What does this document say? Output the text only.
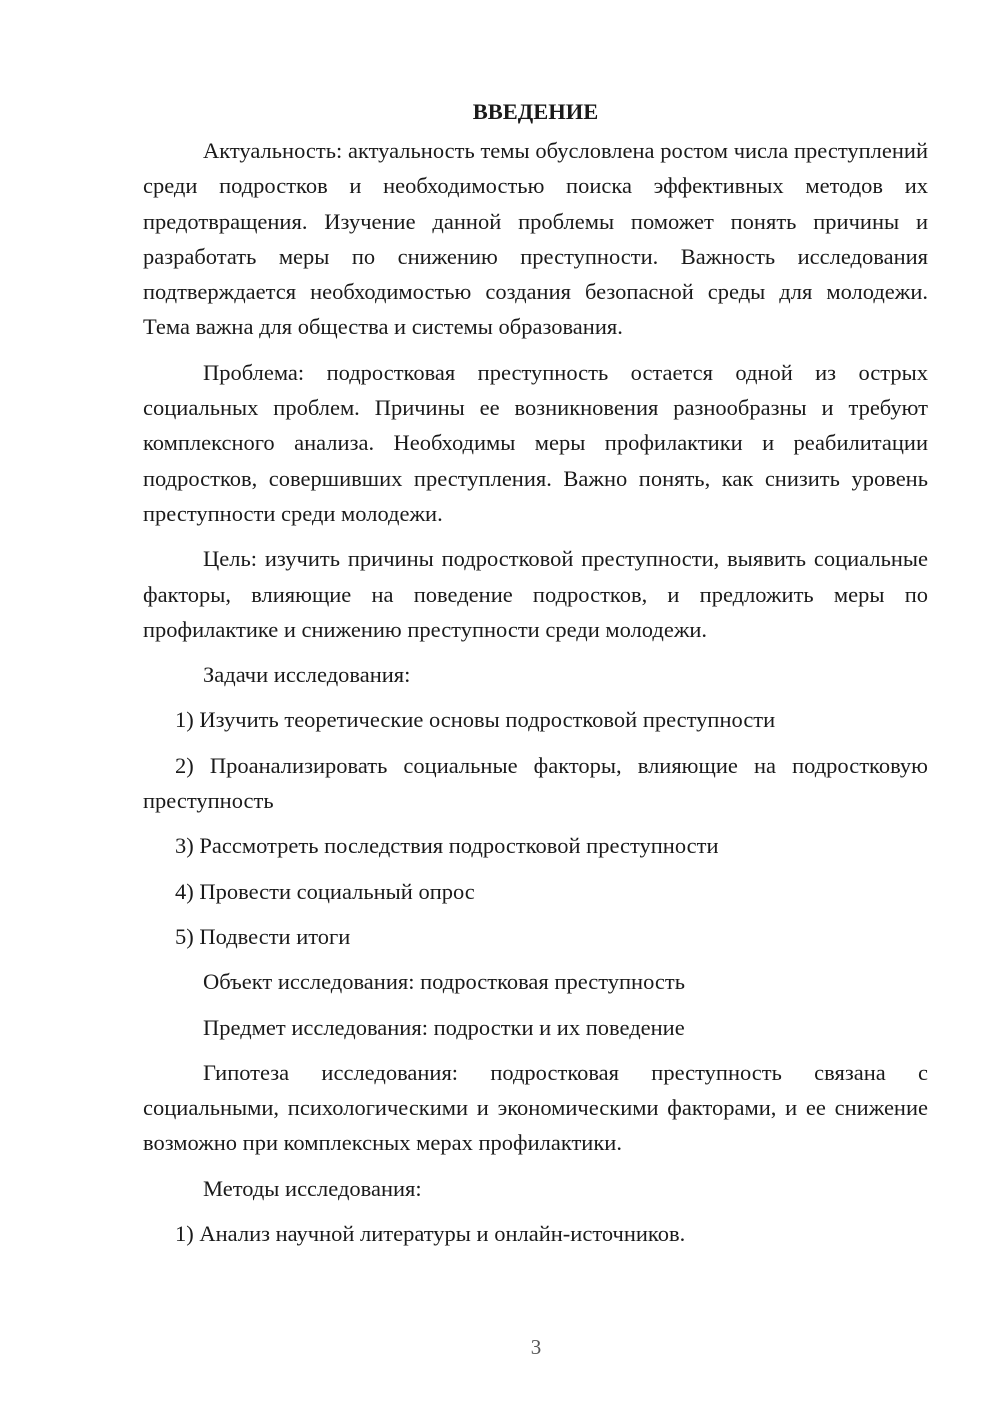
ВВЕДЕНИЕ

Актуальность: актуальность темы обусловлена ростом числа преступлений среди подростков и необходимостью поиска эффективных методов их предотвращения. Изучение данной проблемы поможет понять причины и разработать меры по снижению преступности. Важность исследования подтверждается необходимостью создания безопасной среды для молодежи. Тема важна для общества и системы образования.

Проблема: подростковая преступность остается одной из острых социальных проблем. Причины ее возникновения разнообразны и требуют комплексного анализа. Необходимы меры профилактики и реабилитации подростков, совершивших преступления. Важно понять, как снизить уровень преступности среди молодежи.

Цель: изучить причины подростковой преступности, выявить социальные факторы, влияющие на поведение подростков, и предложить меры по профилактике и снижению преступности среди молодежи.

Задачи исследования:

1) Изучить теоретические основы подростковой преступности

2) Проанализировать социальные факторы, влияющие на подростковую преступность

3) Рассмотреть последствия подростковой преступности

4) Провести социальный опрос

5) Подвести итоги

Объект исследования: подростковая преступность

Предмет исследования: подростки и их поведение

Гипотеза исследования: подростковая преступность связана с социальными, психологическими и экономическими факторами, и ее снижение возможно при комплексных мерах профилактики.

Методы исследования:

1) Анализ научной литературы и онлайн-источников.

3
